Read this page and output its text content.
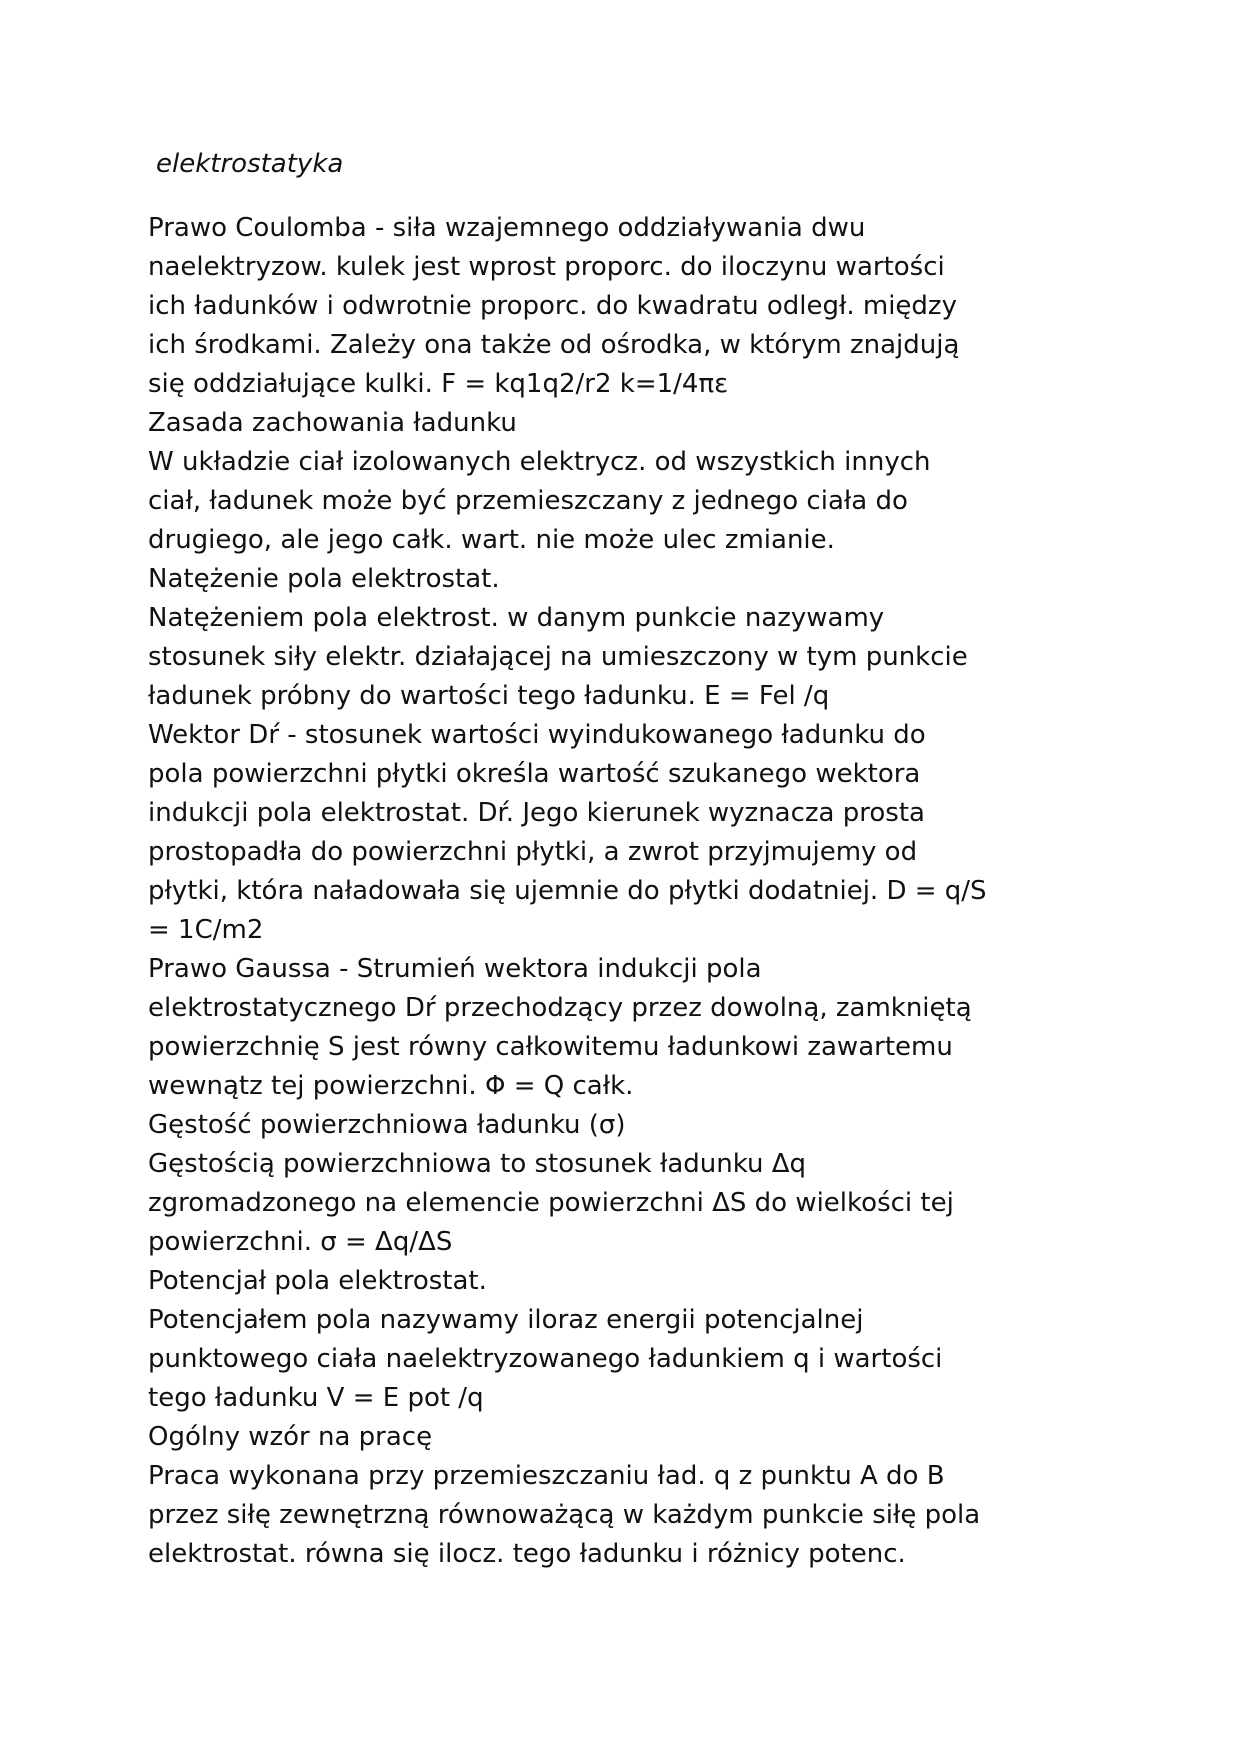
elektrostatyka
Prawo Coulomba - siła wzajemnego oddziaływania dwu
naelektryzow. kulek jest wprost proporc. do iloczynu wartości
ich ładunków i odwrotnie proporc. do kwadratu odległ. między
ich środkami. Zależy ona także od ośrodka, w którym znajdują
się oddziałujące kulki. F = kq1q2/r2 k=1/4πε
Zasada zachowania ładunku
W układzie ciał izolowanych elektrycz. od wszystkich innych
ciał, ładunek może być przemieszczany z jednego ciała do
drugiego, ale jego całk. wart. nie może ulec zmianie.
Natężenie pola elektrostat.
Natężeniem pola elektrost. w danym punkcie nazywamy
stosunek siły elektr. działającej na umieszczony w tym punkcie
ładunek próbny do wartości tego ładunku. E = Fel /q
Wektor Dŕ - stosunek wartości wyindukowanego ładunku do
pola powierzchni płytki określa wartość szukanego wektora
indukcji pola elektrostat. Dŕ. Jego kierunek wyznacza prosta
prostopadła do powierzchni płytki, a zwrot przyjmujemy od
płytki, która naładowała się ujemnie do płytki dodatniej. D = q/S
= 1C/m2
Prawo Gaussa - Strumień wektora indukcji pola
elektrostatycznego Dŕ przechodzący przez dowolną, zamkniętą
powierzchnię S jest równy całkowitemu ładunkowi zawartemu
wewnątz tej powierzchni. Φ = Q całk.
Gęstość powierzchniowa ładunku (σ)
Gęstością powierzchniowa to stosunek ładunku Δq
zgromadzonego na elemencie powierzchni ΔS do wielkości tej
powierzchni. σ = Δq/ΔS
Potencjał pola elektrostat.
Potencjałem pola nazywamy iloraz energii potencjalnej
punktowego ciała naelektryzowanego ładunkiem q i wartości
tego ładunku V = E pot /q
Ogólny wzór na pracę
Praca wykonana przy przemieszczaniu ład. q z punktu A do B
przez siłę zewnętrzną równoważącą w każdym punkcie siłę pola
elektrostat. równa się ilocz. tego ładunku i różnicy potenc.
